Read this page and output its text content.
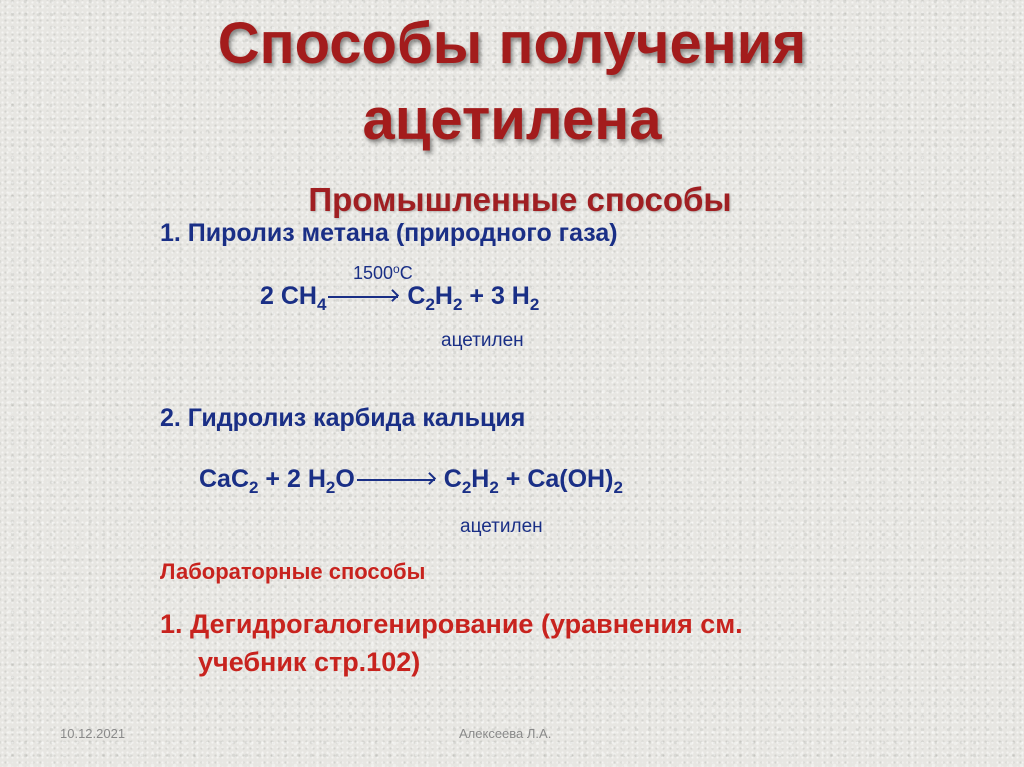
Способы получения
ацетилена
Промышленные способы
1. Пиролиз метана (природного газа)
1500$^o$C
2 $CH_4$	$C_2H_2 + 3$ $H_2$
ацетилен
2. Гидролиз карбида кальция
CaC$_2$ + 2 $H_2O$	$C_2H_2 + Ca(OH)_2$
ацетилен
Лабораторные способы
1. Дегидрогалогенирование (уравнения см.
учебник стр.102)
10.12.2021	Алексеева Л.А.
